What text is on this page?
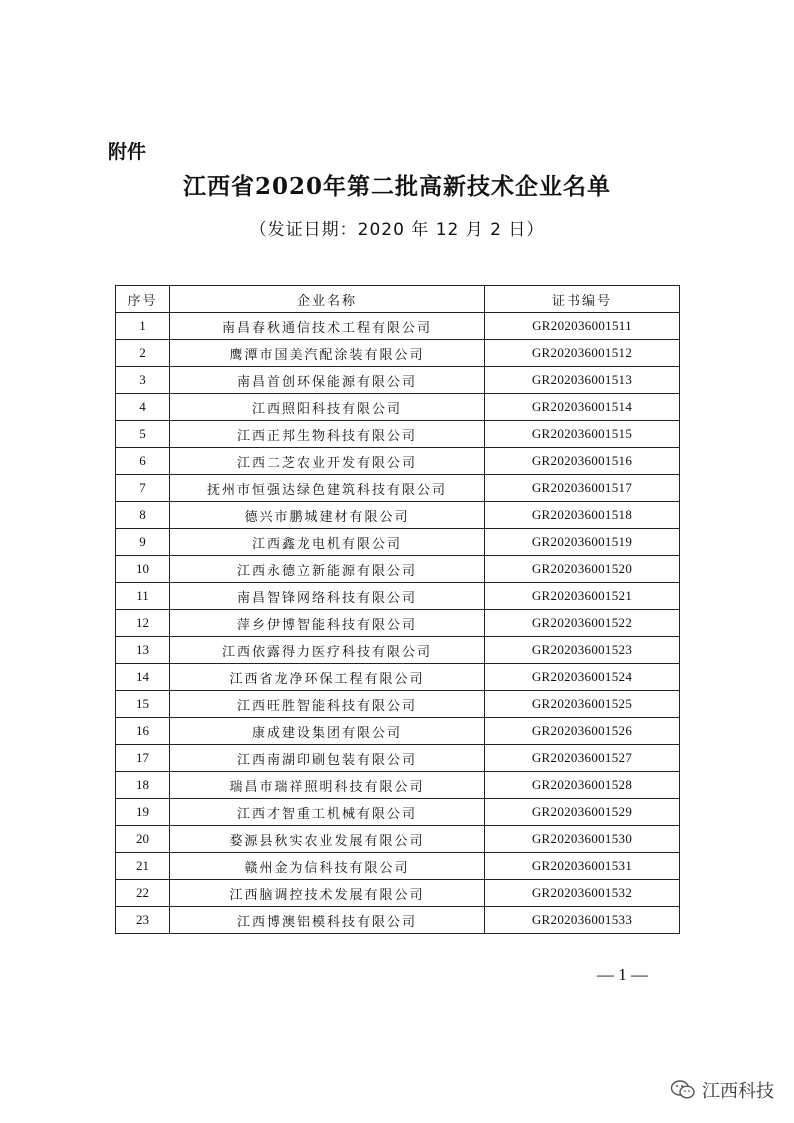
附件
江西省2020年第二批高新技术企业名单
（发证日期：2020 年 12 月 2 日）
序号	企业名称	证书编号
1	南昌春秋通信技术工程有限公司	GR202036001511
2	鹰潭市国美汽配涂装有限公司	GR202036001512
3	南昌首创环保能源有限公司	GR202036001513
4	江西照阳科技有限公司	GR202036001514
5	江西正邦生物科技有限公司	GR202036001515
6	江西二芝农业开发有限公司	GR202036001516
7	抚州市恒强达绿色建筑科技有限公司	GR202036001517
8	德兴市鹏城建材有限公司	GR202036001518
9	江西鑫龙电机有限公司	GR202036001519
10	江西永德立新能源有限公司	GR202036001520
11	南昌智锋网络科技有限公司	GR202036001521
12	萍乡伊博智能科技有限公司	GR202036001522
13	江西依露得力医疗科技有限公司	GR202036001523
14	江西省龙净环保工程有限公司	GR202036001524
15	江西旺胜智能科技有限公司	GR202036001525
16	康成建设集团有限公司	GR202036001526
17	江西南湖印刷包装有限公司	GR202036001527
18	瑞昌市瑞祥照明科技有限公司	GR202036001528
19	江西才智重工机械有限公司	GR202036001529
20	婺源县秋实农业发展有限公司	GR202036001530
21	赣州金为信科技有限公司	GR202036001531
22	江西脑调控技术发展有限公司	GR202036001532
23	江西博澳铝模科技有限公司	GR202036001533
— 1 —
江西科技
